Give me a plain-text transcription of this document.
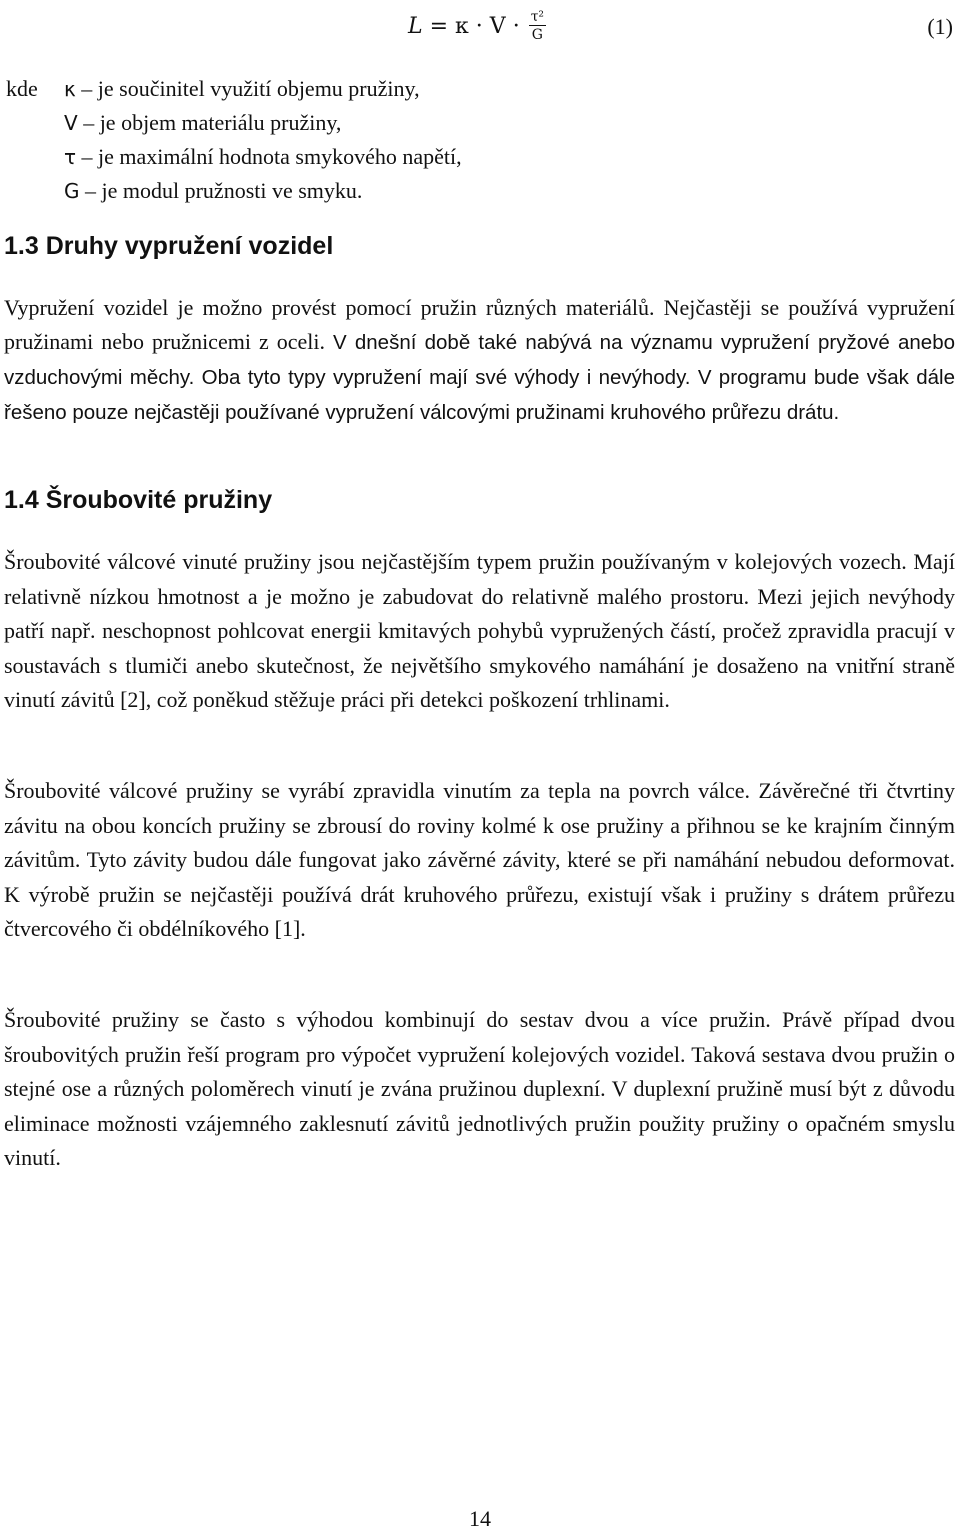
$L = \kappa \cdot V \cdot \frac{\text{τ²}}{G}$	(1)
kde κ – je součinitel využití objemu pružiny,
V – je objem materiálu pružiny,
τ – je maximální hodnota smykového napětí,
G – je modul pružnosti ve smyku.
1.3 Druhy vypružení vozidel

Vypružení vozidel je možno provést pomocí pružin různých materiálů. Nejčastěji se používá vypružení pružinami nebo pružnicemi z oceli. V dnešní době také nabývá na významu vypružení pryžové anebo vzduchovými měchy. Oba tyto typy vypružení mají své výhody i nevýhody. V programu bude však dále řešeno pouze nejčastěji používané vypružení válcovými pružinami kruhového průřezu drátu.

1.4 Šroubovité pružiny

Šroubovité válcové vinuté pružiny jsou nejčastějším typem pružin používaným v kolejových vozech. Mají relativně nízkou hmotnost a je možno je zabudovat do relativně malého prostoru. Mezi jejich nevýhody patří např. neschopnost pohlcovat energii kmitavých pohybů vypružených částí, pročež zpravidla pracují v soustavách s tlumiči anebo skutečnost, že největšího smykového namáhání je dosaženo na vnitřní straně vinutí závitů [2], což poněkud stěžuje práci při detekci poškození trhlinami.

Šroubovité válcové pružiny se vyrábí zpravidla vinutím za tepla na povrch válce. Závěrečné tři čtvrtiny závitu na obou koncích pružiny se zbrousí do roviny kolmé k ose pružiny a přihnou se ke krajním činným závitům. Tyto závity budou dále fungovat jako závěrné závity, které se při namáhání nebudou deformovat. K výrobě pružin se nejčastěji používá drát kruhového průřezu, existují však i pružiny s drátem průřezu čtvercového či obdélníkového [1].

Šroubovité pružiny se často s výhodou kombinují do sestav dvou a více pružin. Právě případ dvou šroubovitých pružin řeší program pro výpočet vypružení kolejových vozidel. Taková sestava dvou pružin o stejné ose a různých poloměrech vinutí je zvána pružinou duplexní. V duplexní pružině musí být z důvodu eliminace možnosti vzájemného zaklesnutí závitů jednotlivých pružin použity pružiny o opačném smyslu vinutí.

14
